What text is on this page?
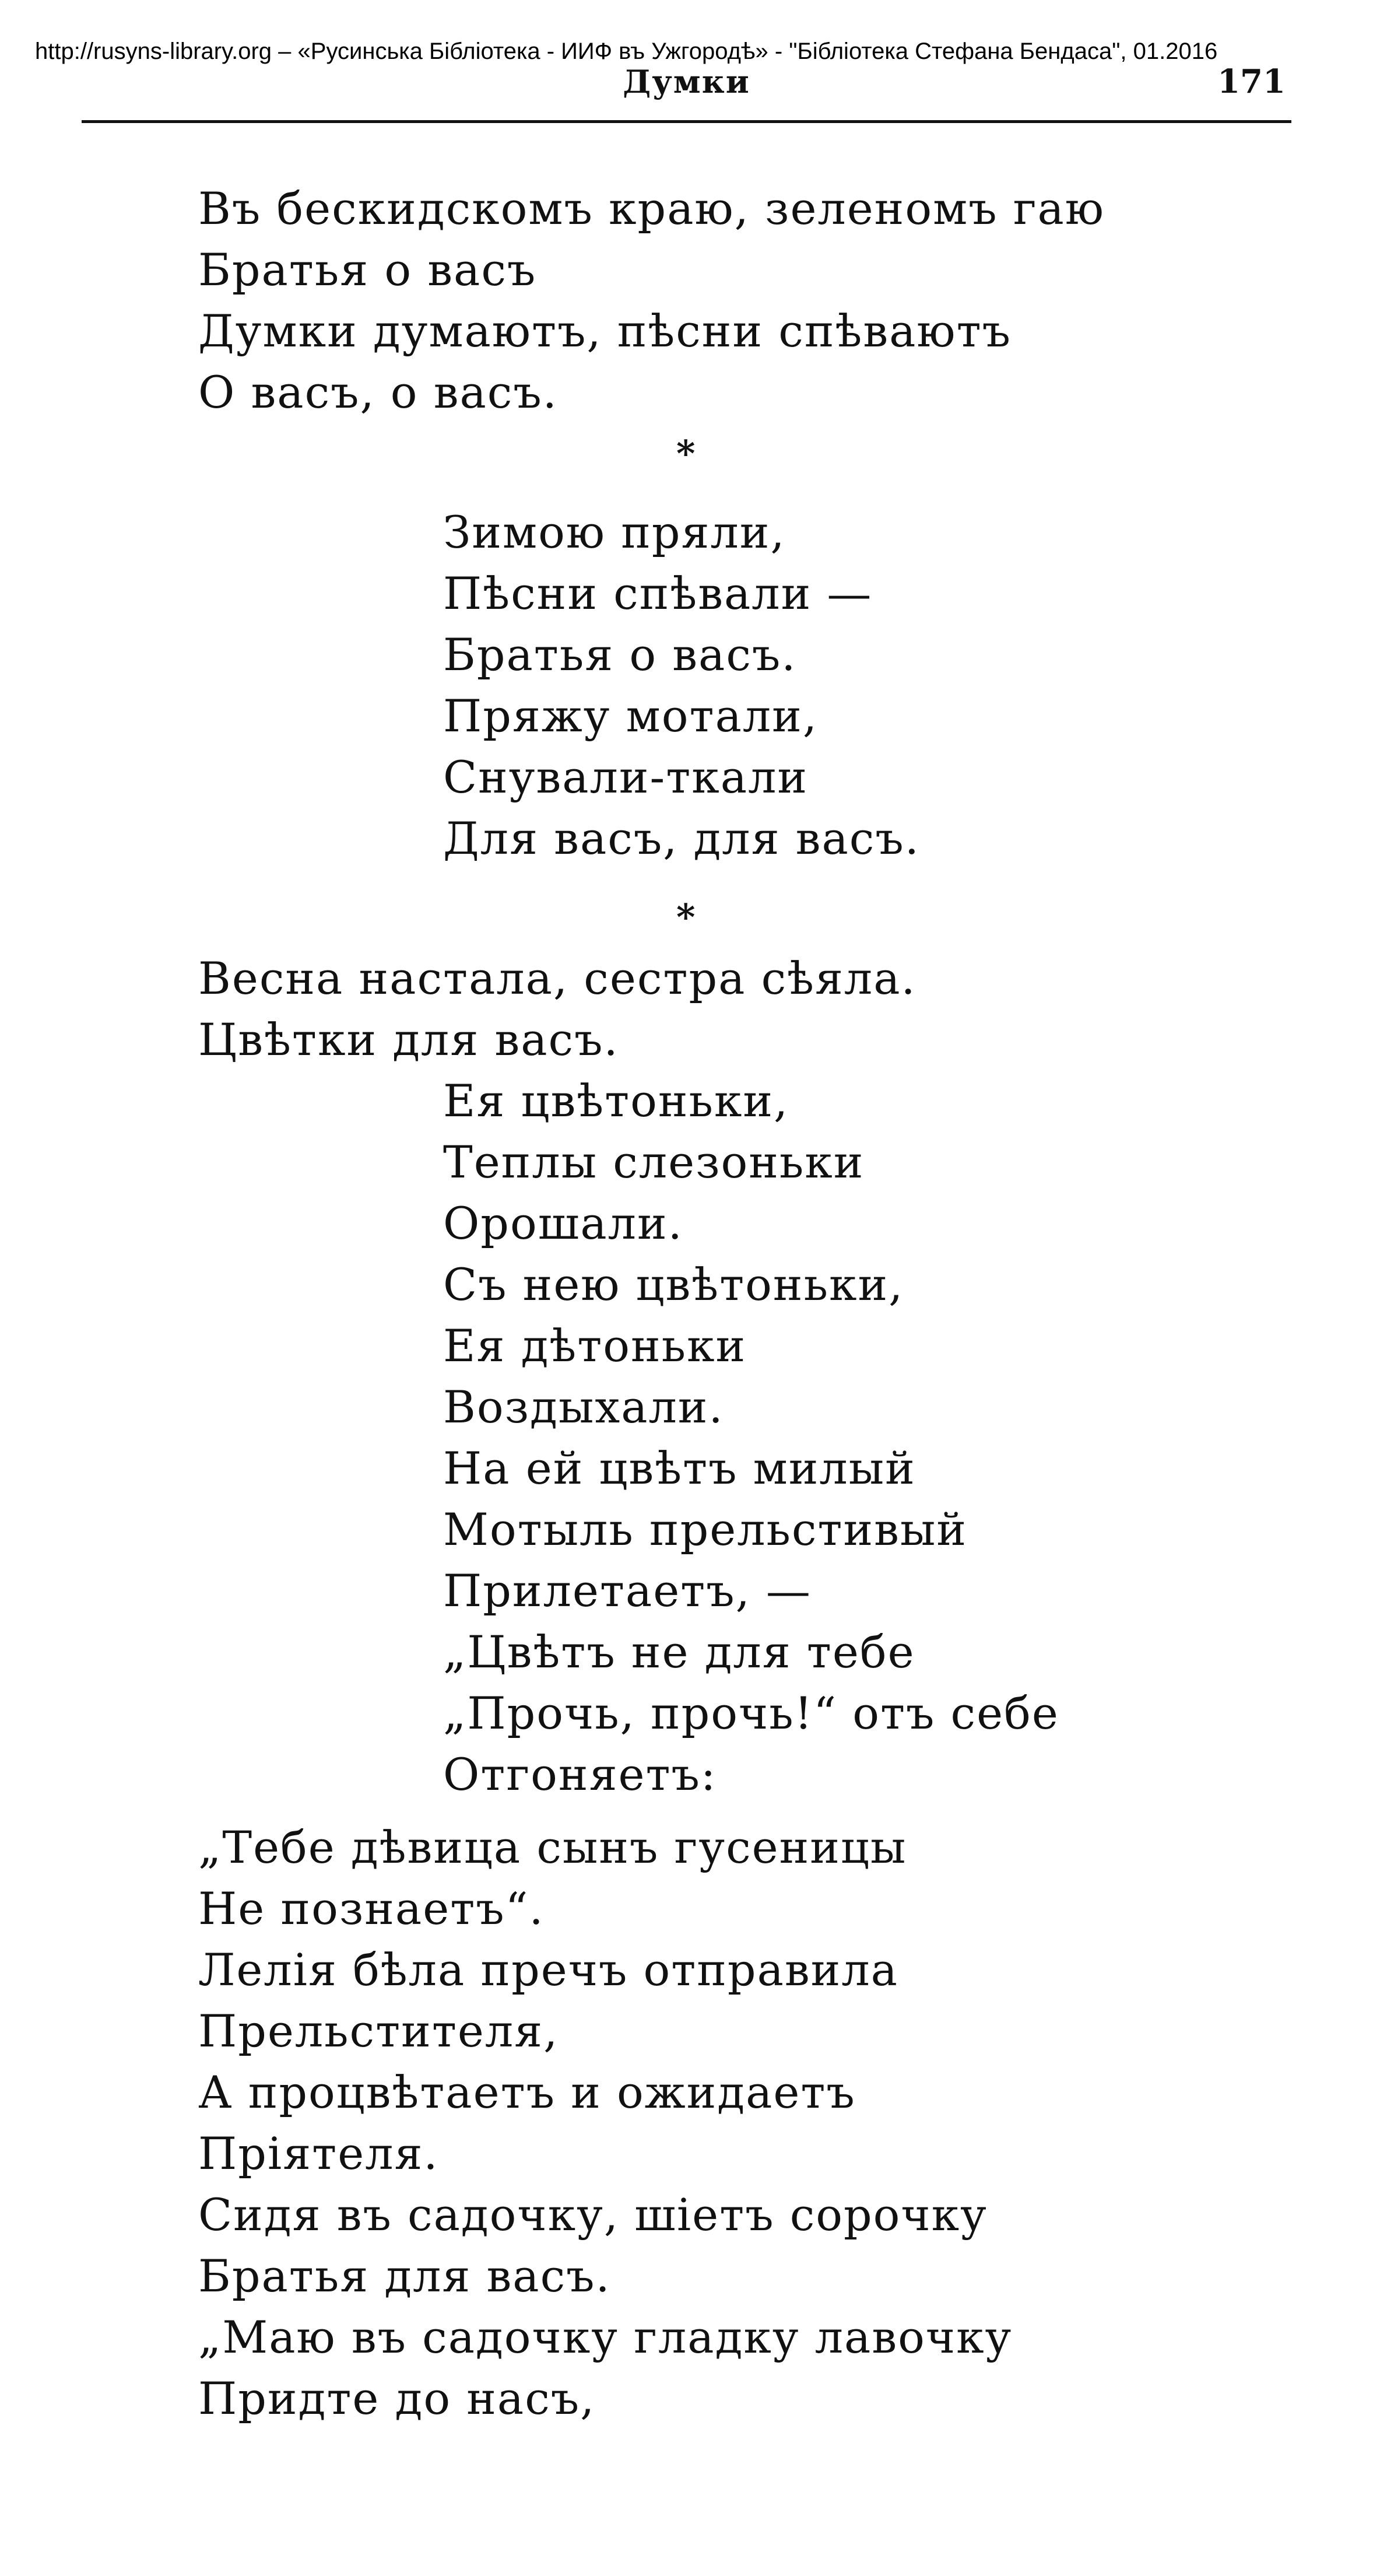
http://rusyns-library.org – «Русинська Бібліотека - ИИФ въ Ужгородѣ» - "Бібліотека Стефана Бендаса", 01.2016
Думки	171
Въ бескидскомъ краю, зеленомъ гаю
Братья о васъ
Думки думаютъ, пѣсни спѣваютъ
О васъ, о васъ.
*
Зимою пряли,
Пѣсни спѣвали —
Братья о васъ.
Пряжу мотали,
Снували-ткали
Для васъ, для васъ.
*
Весна настала, сестра сѣяла.
Цвѣтки для васъ.
Ея цвѣтоньки,
Теплы слезоньки
Орошали.
Съ нею цвѣтоньки,
Ея дѣтоньки
Воздыхали.
На ей цвѣтъ милый
Мотыль прельстивый
Прилетаетъ, —
„Цвѣтъ не для тебе
„Прочь, прочь!“ отъ себе
Отгоняетъ:
„Тебе дѣвица сынъ гусеницы
Не познаетъ“.
Лелія бѣла пречъ отправила
Прельстителя,
А процвѣтаетъ и ожидаетъ
Пріятеля.
Сидя въ садочку, шіетъ сорочку
Братья для васъ.
„Маю въ садочку гладку лавочку
Придте до насъ,
